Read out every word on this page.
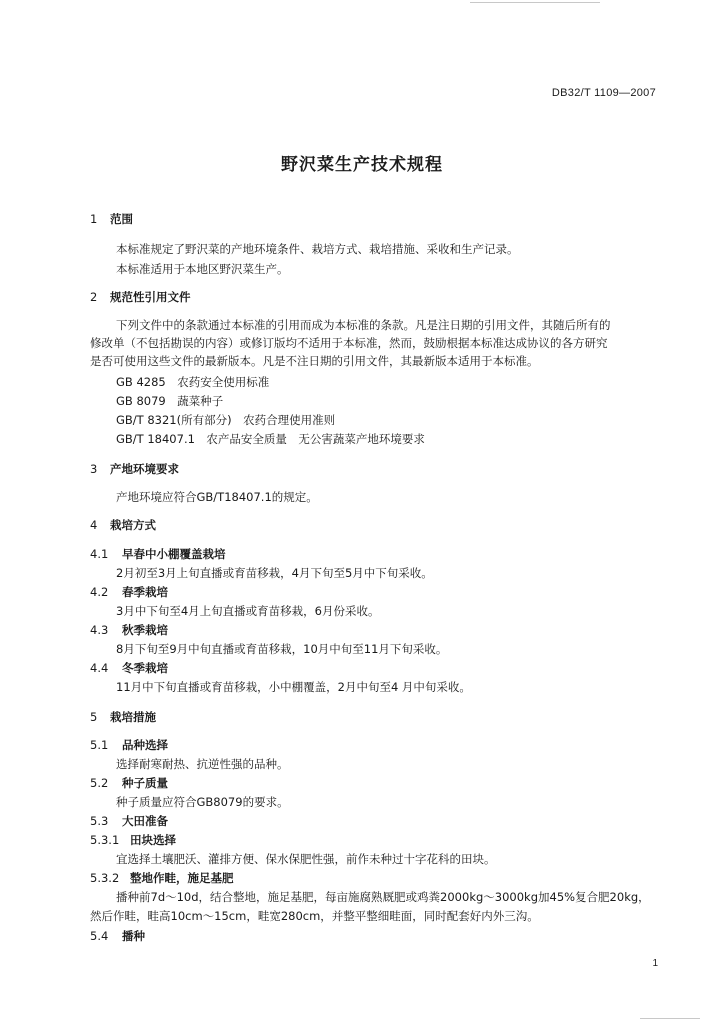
DB32/T 1109—2007
野沢菜生产技术规程
1 范围
本标准规定了野沢菜的产地环境条件、栽培方式、栽培措施、采收和生产记录。
本标准适用于本地区野沢菜生产。
2 规范性引用文件
下列文件中的条款通过本标准的引用而成为本标准的条款。凡是注日期的引用文件，其随后所有的
修改单（不包括勘误的内容）或修订版均不适用于本标准，然而，鼓励根据本标准达成协议的各方研究
是否可使用这些文件的最新版本。凡是不注日期的引用文件，其最新版本适用于本标准。
GB 4285　农药安全使用标准
GB 8079　蔬菜种子
GB/T 8321(所有部分)　农药合理使用准则
GB/T 18407.1　农产品安全质量　无公害蔬菜产地环境要求
3 产地环境要求
产地环境应符合GB/T18407.1的规定。
4 栽培方式
4.1 早春中小棚覆盖栽培
2月初至3月上旬直播或育苗移栽，4月下旬至5月中下旬采收。
4.2 春季栽培
3月中下旬至4月上旬直播或育苗移栽，6月份采收。
4.3 秋季栽培
8月下旬至9月中旬直播或育苗移栽，10月中旬至11月下旬采收。
4.4 冬季栽培
11月中下旬直播或育苗移栽，小中棚覆盖，2月中旬至4 月中旬采收。
5 栽培措施
5.1 品种选择
选择耐寒耐热、抗逆性强的品种。
5.2 种子质量
种子质量应符合GB8079的要求。
5.3 大田准备
5.3.1 田块选择
宜选择土壤肥沃、灌排方便、保水保肥性强，前作未种过十字花科的田块。
5.3.2 整地作畦，施足基肥
播种前7d～10d，结合整地，施足基肥，每亩施腐熟厩肥或鸡粪2000kg～3000kg加45%复合肥20kg，
然后作畦，畦高10cm～15cm，畦宽280cm，并整平整细畦面，同时配套好内外三沟。
5.4 播种
1
